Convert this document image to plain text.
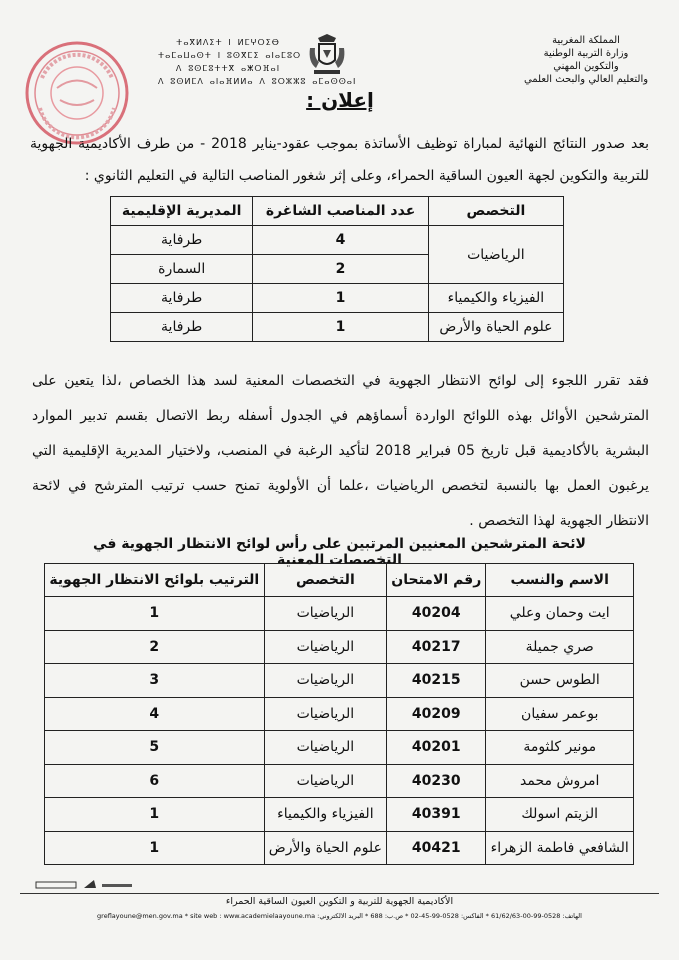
ⵜⴰⴳⵍⴷⵉⵜ ⵏ ⵍⵎⵖⵔⵉⴱ
ⵜⴰⵎⴰⵡⴰⵙⵜ ⵏ ⵓⵙⴳⵎⵉ ⴰⵏⴰⵎⵓⵔ
ⴷ ⵓⵙⵎⵓⵜⵜⴳ ⴰⵥⵔⴼⴰⵏ
ⴷ ⵓⵙⵍⵎⴷ ⴰⵏⴰⴼⵍⵍⴰ ⴷ ⵓⵔⵣⵣⵓ ⴰⵎⴰⵙⵙⴰⵏ
المملكة المغربية
وزارة التربية الوطنية
والتكوين المهني
والتعليم العالي والبحث العلمي
إعلان :
بعد صدور النتائج النهائية لمباراة توظيف الأساتذة بموجب عقود-يناير 2018 - من طرف الأكاديمية الجهوية للتربية والتكوين لجهة العيون الساقية الحمراء، وعلى إثر شغور المناصب التالية في التعليم الثانوي :
التخصص	عدد المناصب الشاغرة	المديرية الإقليمية
الرياضيات	4	طرفاية
	2	السمارة
الفيزياء والكيمياء	1	طرفاية
علوم الحياة والأرض	1	طرفاية
فقد تقرر اللجوء إلى لوائح الانتظار الجهوية في التخصصات المعنية لسد هذا الخصاص ،لذا يتعين على المترشحين الأوائل بهذه اللوائح الواردة أسماؤهم في الجدول أسفله ربط الاتصال بقسم تدبير الموارد البشرية بالأكاديمية قبل تاريخ 05 فبراير 2018 لتأكيد الرغبة في المنصب، ولاختيار المديرية الإقليمية التي يرغبون العمل بها بالنسبة لتخصص الرياضيات ،علما أن الأولوية تمنح حسب ترتيب المترشح في لائحة الانتظار الجهوية لهذا التخصص .
لائحة المترشحين المعنيين المرتبين على رأس لوائح الانتظار الجهوية في التخصصات المعنية
الاسم والنسب	رقم الامتحان	التخصص	الترتيب بلوائح الانتظار الجهوية
ايت وحمان وعلي	40204	الرياضيات	1
صري جميلة	40217	الرياضيات	2
الطوس حسن	40215	الرياضيات	3
بوعمر سفيان	40209	الرياضيات	4
مونير كلثومة	40201	الرياضيات	5
امروش محمد	40230	الرياضيات	6
الزيتم اسولك	40391	الفيزياء والكيمياء	1
الشافعي فاطمة الزهراء	40421	علوم الحياة والأرض	1
الأكاديمية الجهوية للتربية و التكوين العيون الساقية الحمراء
الهاتف: 0528-99-00-61/62/63 * الفاكس: 0528-99-45-02 * ص.ب: 688 * البريد الالكتروني: greflayoune@men.gov.ma * site web : www.academielaayoune.ma
